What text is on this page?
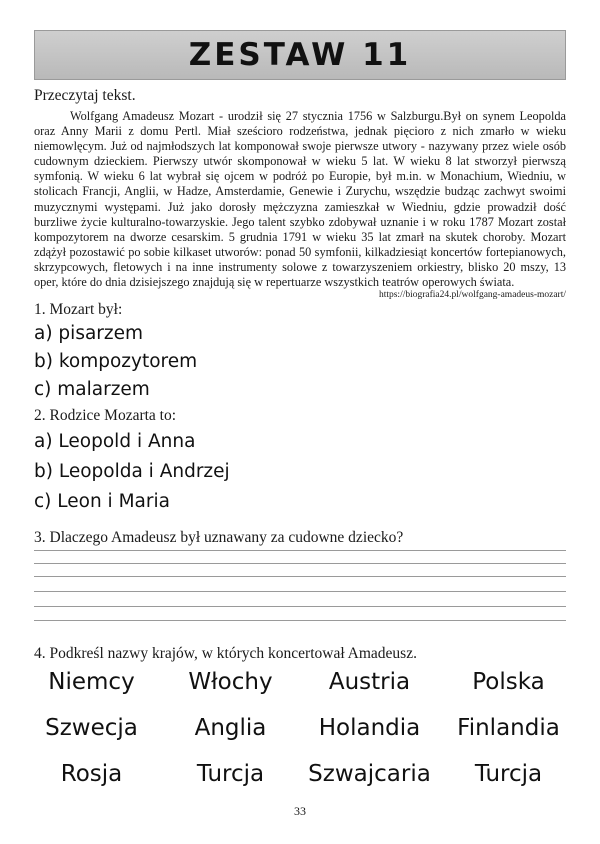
ZESTAW 11
Przeczytaj tekst.

Wolfgang Amadeusz Mozart - urodził się 27 stycznia 1756 w Salzburgu.Był on synem Leopolda oraz Anny Marii z domu Pertl. Miał sześcioro rodzeństwa, jednak pięcioro z nich zmarło w wieku niemowlęcym. Już od najmłodszych lat komponował swoje pierwsze utwory - nazywany przez wiele osób cudownym dzieckiem. Pierwszy utwór skomponował w wieku 5 lat. W wieku 8 lat stworzył pierwszą symfonią. W wieku 6 lat wybrał się ojcem w podróż po Europie, był m.in. w Monachium, Wiedniu, w stolicach Francji, Anglii, w Hadze, Amsterdamie, Genewie i Zurychu, wszędzie budząc zachwyt swoimi muzycznymi występami. Już jako dorosły mężczyzna zamieszkał w Wiedniu, gdzie prowadził dość burzliwe życie kulturalno-towarzyskie. Jego talent szybko zdobywał uznanie i w roku 1787 Mozart został kompozytorem na dworze cesarskim. 5 grudnia 1791 w wieku 35 lat zmarł na skutek choroby. Mozart zdążył pozostawić po sobie kilkaset utworów: ponad 50 symfonii, kilkadziesiąt koncertów fortepianowych, skrzypcowych, fletowych i na inne instrumenty solowe z towarzyszeniem orkiestry, blisko 20 mszy, 13 oper, które do dnia dzisiejszego znajdują się w repertuarze wszystkich teatrów operowych świata.

https://biografia24.pl/wolfgang-amadeus-mozart/
1. Mozart był:
a) pisarzem
b) kompozytorem
c) malarzem
2. Rodzice Mozarta to:
a) Leopold i Anna
b) Leopolda i Andrzej
c) Leon i Maria
3. Dlaczego Amadeusz był uznawany za cudowne dziecko?
4. Podkreśl nazwy krajów, w których koncertował Amadeusz.
Niemcy	Włochy	Austria	Polska
Szwecja	Anglia	Holandia	Finlandia
Rosja	Turcja	Szwajcaria	Turcja
33
